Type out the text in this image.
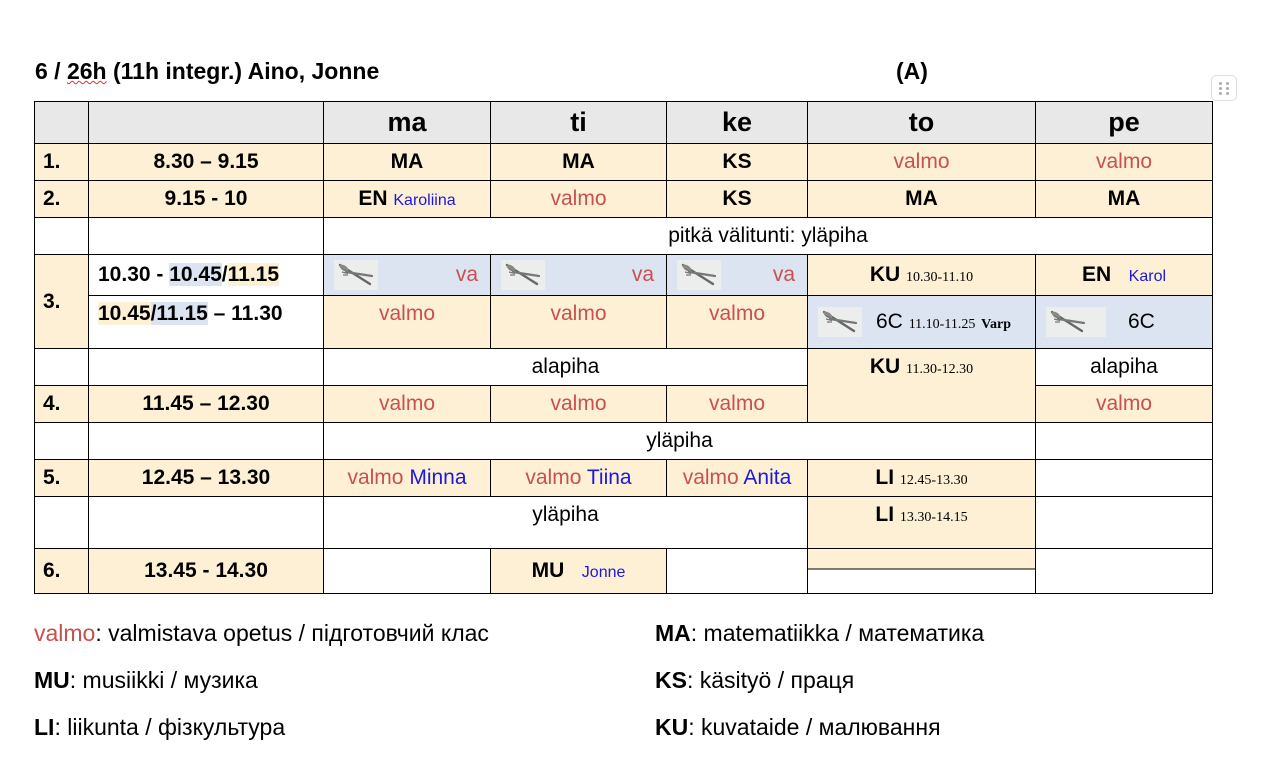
6 / 26h (11h integr.) Aino, Jonne	(A)
		ma	ti	ke	to	pe
1.	8.30 – 9.15	MA	MA	KS	valmo	valmo
2.	9.15 - 10	EN Karoliina	valmo	KS	MA	MA
		pitkä välitunti: yläpiha				
3.	10.30 - 10.45/11.15	va	va	va	KU 10.30-11.10	EN Karol
	10.45/11.15 – 11.30	valmo	valmo	valmo	6C 11.10-11.25 Varp	6C

		alapiha			KU 11.30-12.30	alapiha
4.	11.45 – 12.30	valmo	valmo	valmo		valmo
		yläpiha				
5.	12.45 – 13.30	valmo Minna	valmo Tiina	valmo Anita	LI 12.45-13.30	
		yläpiha			LI 13.30-14.15	
6.	13.45 - 14.30		MU Jonne			
valmo: valmistava opetus / підготовчий клас	MA: matematiikka / математика
MU: musiikki / музика	KS: käsityö / праця
LI: liikunta / фізкультура	KU: kuvataide / малювання
